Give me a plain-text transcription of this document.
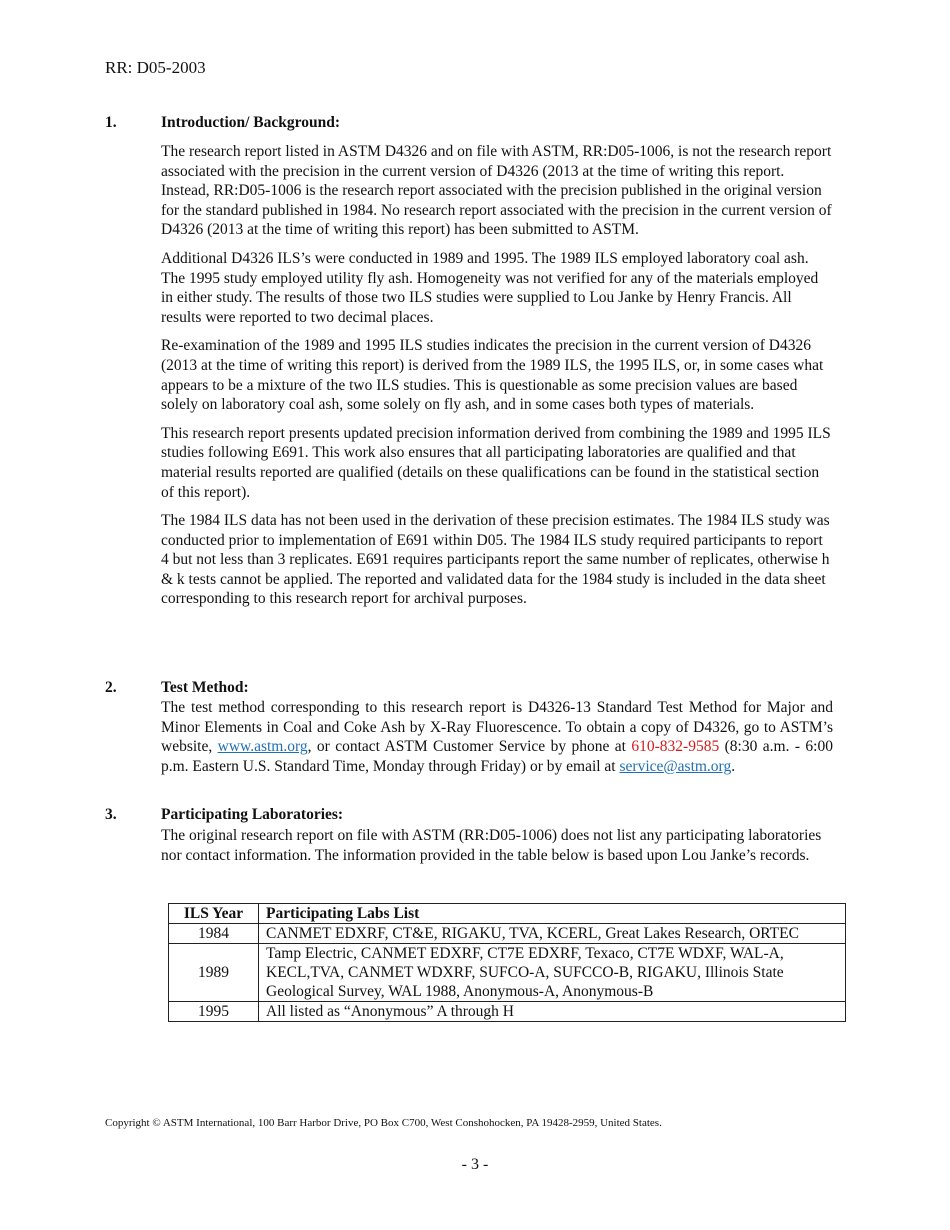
RR: D05-2003
1.	Introduction/ Background:

The research report listed in ASTM D4326 and on file with ASTM, RR:D05-1006, is not the research report associated with the precision in the current version of D4326 (2013 at the time of writing this report. Instead, RR:D05-1006 is the research report associated with the precision published in the original version for the standard published in 1984. No research report associated with the precision in the current version of D4326 (2013 at the time of writing this report) has been submitted to ASTM.

Additional D4326 ILS’s were conducted in 1989 and 1995. The 1989 ILS employed laboratory coal ash. The 1995 study employed utility fly ash. Homogeneity was not verified for any of the materials employed in either study. The results of those two ILS studies were supplied to Lou Janke by Henry Francis. All results were reported to two decimal places.

Re-examination of the 1989 and 1995 ILS studies indicates the precision in the current version of D4326 (2013 at the time of writing this report) is derived from the 1989 ILS, the 1995 ILS, or, in some cases what appears to be a mixture of the two ILS studies. This is questionable as some precision values are based solely on laboratory coal ash, some solely on fly ash, and in some cases both types of materials.

This research report presents updated precision information derived from combining the 1989 and 1995 ILS studies following E691. This work also ensures that all participating laboratories are qualified and that material results reported are qualified (details on these qualifications can be found in the statistical section of this report).

The 1984 ILS data has not been used in the derivation of these precision estimates. The 1984 ILS study was conducted prior to implementation of E691 within D05. The 1984 ILS study required participants to report 4 but not less than 3 replicates. E691 requires participants report the same number of replicates, otherwise h & k tests cannot be applied. The reported and validated data for the 1984 study is included in the data sheet corresponding to this research report for archival purposes.

2.	Test Method:
The test method corresponding to this research report is D4326-13 Standard Test Method for Major and Minor Elements in Coal and Coke Ash by X-Ray Fluorescence. To obtain a copy of D4326, go to ASTM’s website, www.astm.org, or contact ASTM Customer Service by phone at 610-832-9585 (8:30 a.m. - 6:00 p.m. Eastern U.S. Standard Time, Monday through Friday) or by email at service@astm.org.
3.	Participating Laboratories:

The original research report on file with ASTM (RR:D05-1006) does not list any participating laboratories nor contact information. The information provided in the table below is based upon Lou Janke’s records.

ILS Year	Participating Labs List
1984	CANMET EDXRF, CT&E, RIGAKU, TVA, KCERL, Great Lakes Research, ORTEC
1989	Tamp Electric, CANMET EDXRF, CT7E EDXRF, Texaco, CT7E WDXF, WAL-A, KECL,TVA, CANMET WDXRF, SUFCO-A, SUFCCO-B, RIGAKU, Illinois State Geological Survey, WAL 1988, Anonymous-A, Anonymous-B
1995	All listed as “Anonymous” A through H
Copyright © ASTM International, 100 Barr Harbor Drive, PO Box C700, West Conshohocken, PA 19428-2959, United States.
- 3 -
